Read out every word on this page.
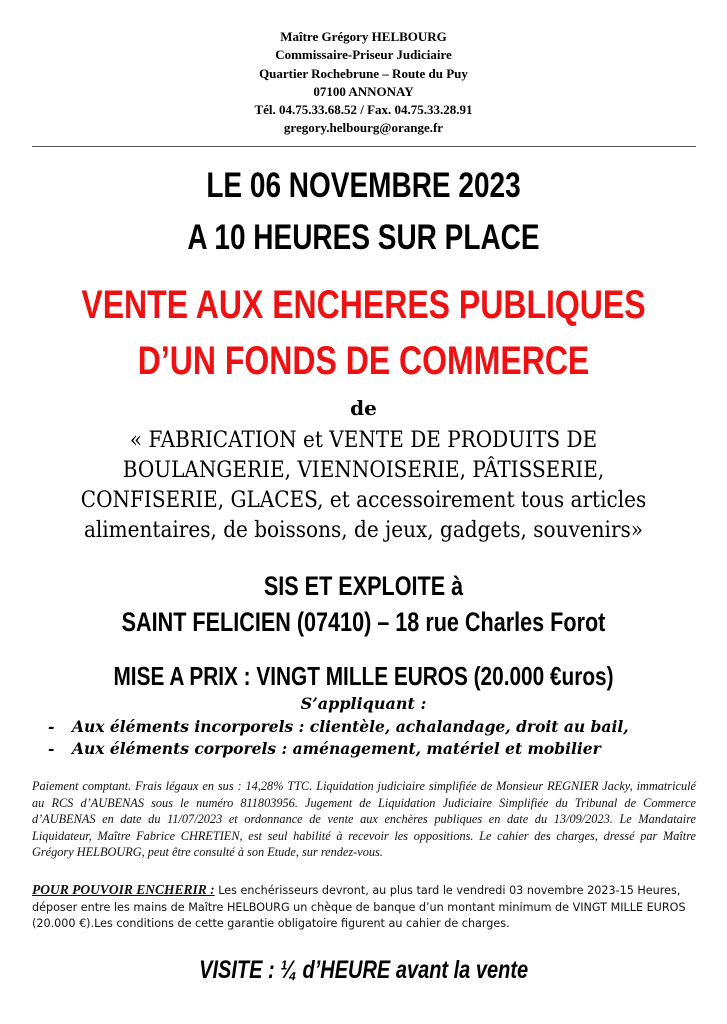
Maître Grégory HELBOURG
Commissaire-Priseur Judiciaire
Quartier Rochebrune – Route du Puy
07100 ANNONAY
Tél. 04.75.33.68.52 / Fax. 04.75.33.28.91
gregory.helbourg@orange.fr
LE 06 NOVEMBRE 2023
A 10 HEURES SUR PLACE
VENTE AUX ENCHERES PUBLIQUES
D’UN FONDS DE COMMERCE
de
« FABRICATION et VENTE DE PRODUITS DE
BOULANGERIE, VIENNOISERIE, PÂTISSERIE,
CONFISERIE, GLACES, et accessoirement tous articles
alimentaires, de boissons, de jeux, gadgets, souvenirs»
SIS ET EXPLOITE à
SAINT FELICIEN (07410) – 18 rue Charles Forot
MISE A PRIX : VINGT MILLE EUROS (20.000 €uros)
S’appliquant :
- Aux éléments incorporels : clientèle, achalandage, droit au bail,
- Aux éléments corporels : aménagement, matériel et mobilier
Paiement comptant. Frais légaux en sus : 14,28% TTC. Liquidation judiciaire simplifiée de Monsieur REGNIER Jacky, immatriculé au RCS d’AUBENAS sous le numéro 811803956. Jugement de Liquidation Judiciaire Simplifiée du Tribunal de Commerce d’AUBENAS en date du 11/07/2023 et ordonnance de vente aux enchères publiques en date du 13/09/2023. Le Mandataire Liquidateur, Maître Fabrice CHRETIEN, est seul habilité à recevoir les oppositions. Le cahier des charges, dressé par Maître Grégory HELBOURG, peut être consulté à son Etude, sur rendez-vous.
POUR POUVOIR ENCHERIR : Les enchérisseurs devront, au plus tard le vendredi 03 novembre 2023-15 Heures, déposer entre les mains de Maître HELBOURG un chèque de banque d’un montant minimum de VINGT MILLE EUROS (20.000 €).Les conditions de cette garantie obligatoire figurent au cahier de charges.
VISITE : ¼ d’HEURE avant la vente
